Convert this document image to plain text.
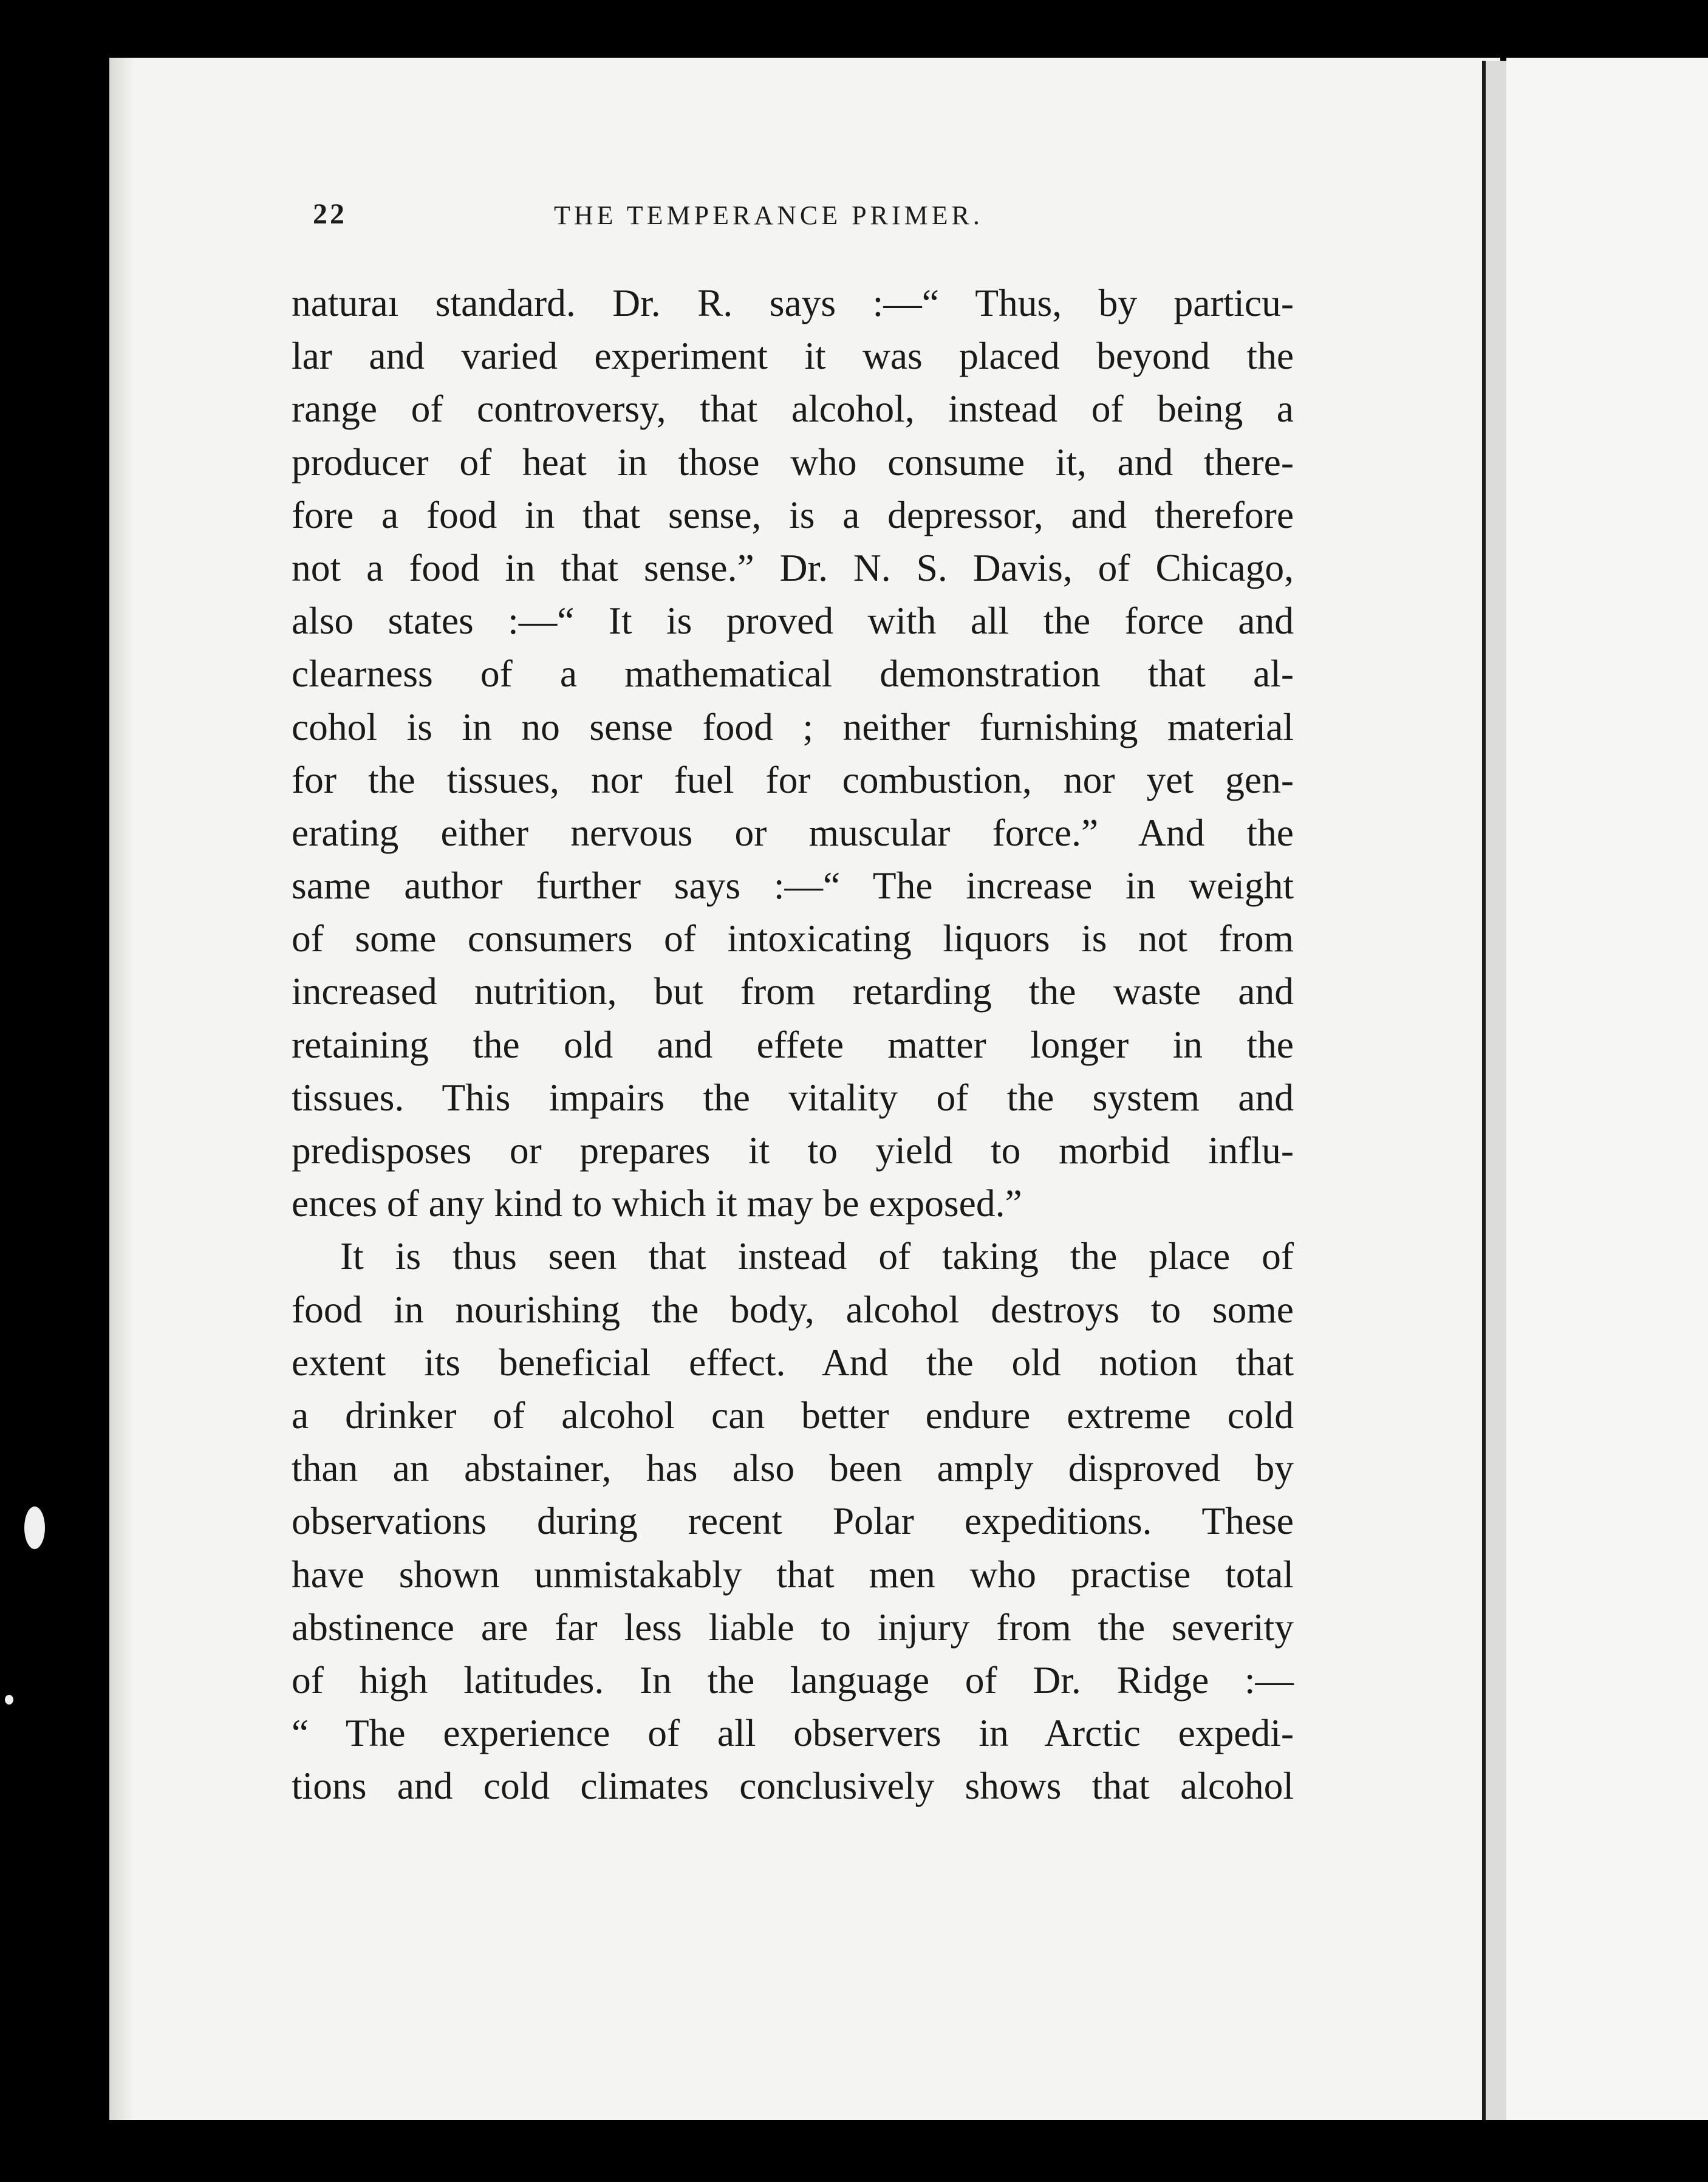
22	THE TEMPERANCE PRIMER.
naturaı standard. Dr. R. says :—“ Thus, by particu-
lar and varied experiment it was placed beyond the
range of controversy, that alcohol, instead of being a
producer of heat in those who consume it, and there-
fore a food in that sense, is a depressor, and therefore
not a food in that sense.” Dr. N. S. Davis, of Chicago,
also states :—“ It is proved with all the force and
clearness of a mathematical demonstration that al-
cohol is in no sense food ; neither furnishing material
for the tissues, nor fuel for combustion, nor yet gen-
erating either nervous or muscular force.” And the
same author further says :—“ The increase in weight
of some consumers of intoxicating liquors is not from
increased nutrition, but from retarding the waste and
retaining the old and effete matter longer in the
tissues. This impairs the vitality of the system and
predisposes or prepares it to yield to morbid influ-
ences of any kind to which it may be exposed.”
It is thus seen that instead of taking the place of
food in nourishing the body, alcohol destroys to some
extent its beneficial effect. And the old notion that
a drinker of alcohol can better endure extreme cold
than an abstainer, has also been amply disproved by
observations during recent Polar expeditions. These
have shown unmistakably that men who practise total
abstinence are far less liable to injury from the severity
of high latitudes. In the language of Dr. Ridge :—
“ The experience of all observers in Arctic expedi-
tions and cold climates conclusively shows that alcohol
